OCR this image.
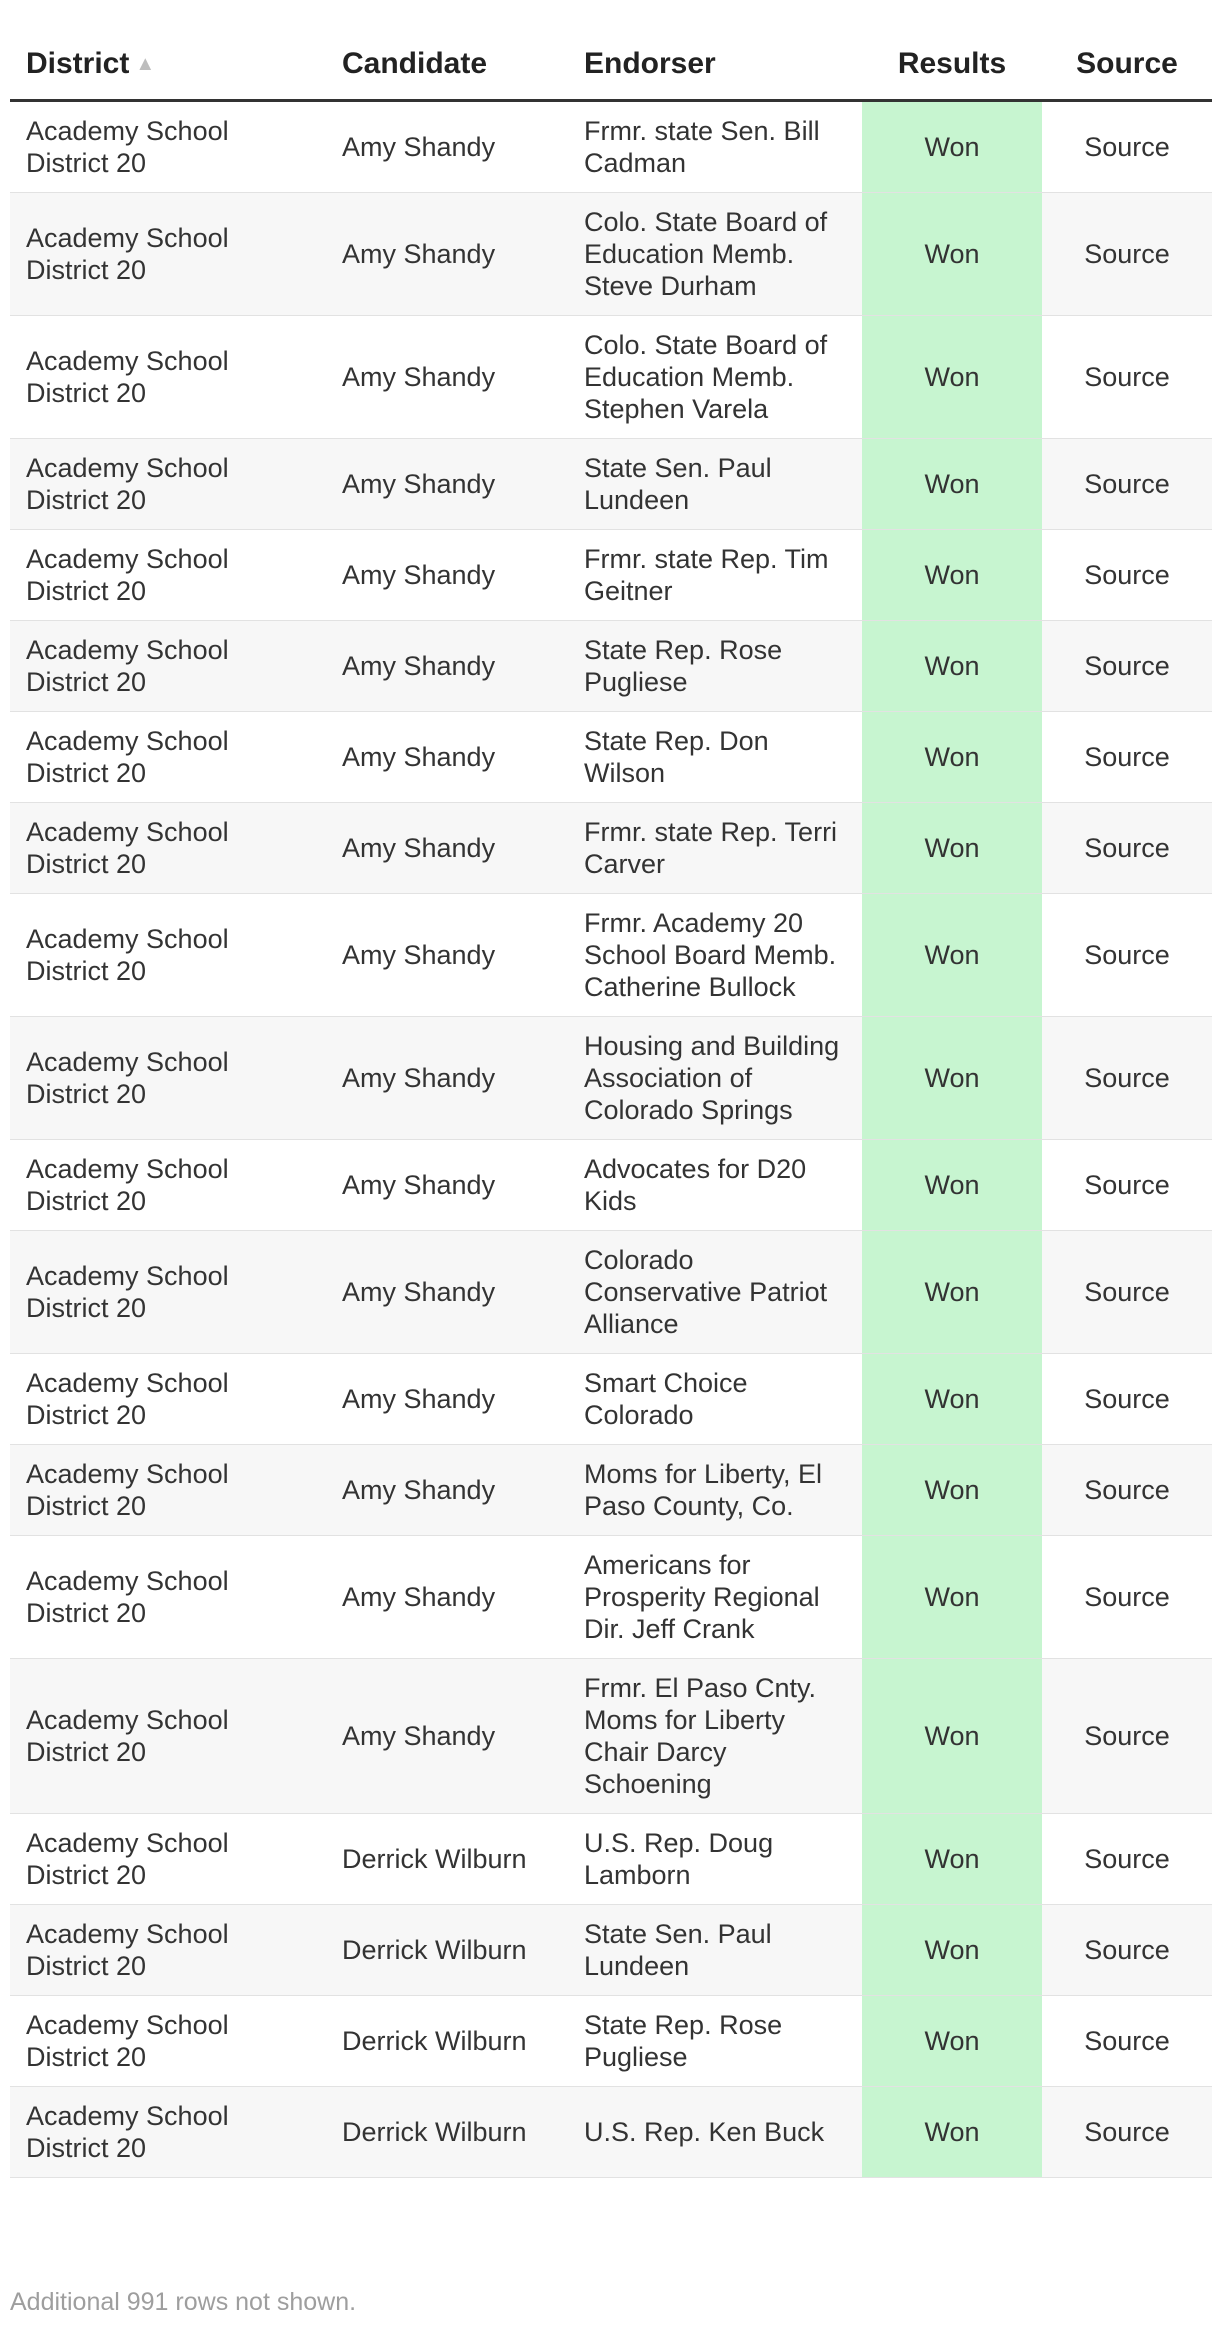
District ▲	Candidate	Endorser	Results	Source
Academy School District 20	Amy Shandy	Frmr. state Sen. Bill Cadman	Won	Source
Academy School District 20	Amy Shandy	Colo. State Board of Education Memb. Steve Durham	Won	Source
Academy School District 20	Amy Shandy	Colo. State Board of Education Memb. Stephen Varela	Won	Source
Academy School District 20	Amy Shandy	State Sen. Paul Lundeen	Won	Source
Academy School District 20	Amy Shandy	Frmr. state Rep. Tim Geitner	Won	Source
Academy School District 20	Amy Shandy	State Rep. Rose Pugliese	Won	Source
Academy School District 20	Amy Shandy	State Rep. Don Wilson	Won	Source
Academy School District 20	Amy Shandy	Frmr. state Rep. Terri Carver	Won	Source
Academy School District 20	Amy Shandy	Frmr. Academy 20 School Board Memb. Catherine Bullock	Won	Source
Academy School District 20	Amy Shandy	Housing and Building Association of Colorado Springs	Won	Source
Academy School District 20	Amy Shandy	Advocates for D20 Kids	Won	Source
Academy School District 20	Amy Shandy	Colorado Conservative Patriot Alliance	Won	Source
Academy School District 20	Amy Shandy	Smart Choice Colorado	Won	Source
Academy School District 20	Amy Shandy	Moms for Liberty, El Paso County, Co.	Won	Source
Academy School District 20	Amy Shandy	Americans for Prosperity Regional Dir. Jeff Crank	Won	Source
Academy School District 20	Amy Shandy	Frmr. El Paso Cnty. Moms for Liberty Chair Darcy Schoening	Won	Source
Academy School District 20	Derrick Wilburn	U.S. Rep. Doug Lamborn	Won	Source
Academy School District 20	Derrick Wilburn	State Sen. Paul Lundeen	Won	Source
Academy School District 20	Derrick Wilburn	State Rep. Rose Pugliese	Won	Source
Academy School District 20	Derrick Wilburn	U.S. Rep. Ken Buck	Won	Source
Additional 991 rows not shown.
